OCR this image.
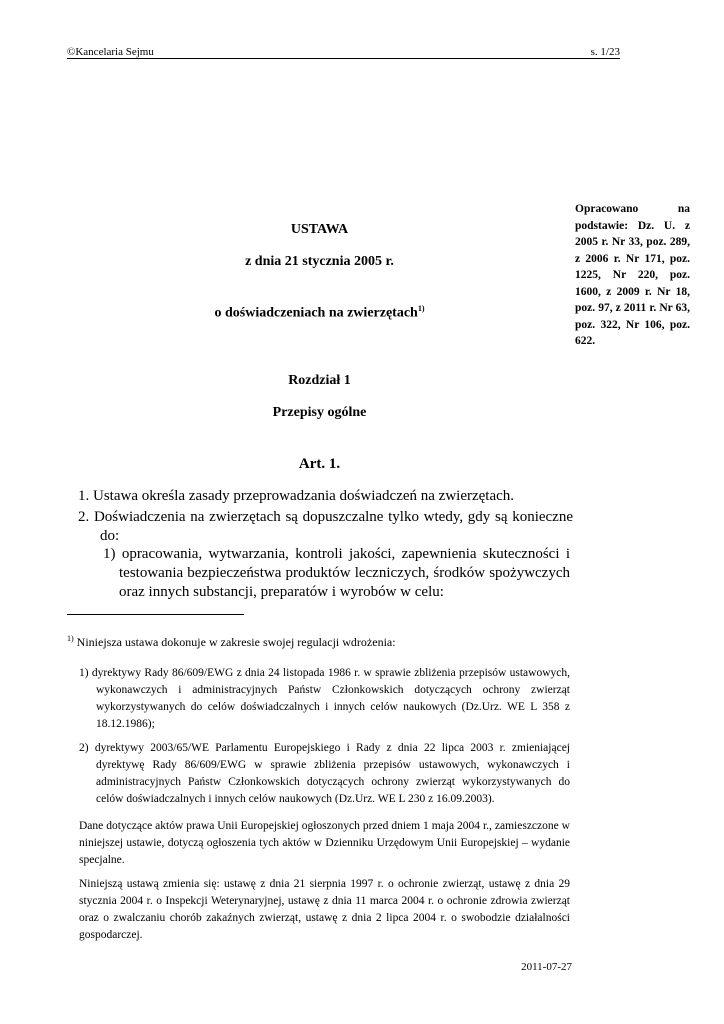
©Kancelaria Sejmu	s. 1/23
Opracowano na podstawie: Dz. U. z 2005 r. Nr 33, poz. 289, z 2006 r. Nr 171, poz. 1225, Nr 220, poz. 1600, z 2009 r. Nr 18, poz. 97, z 2011 r. Nr 63, poz. 322, Nr 106, poz. 622.
USTAWA
z dnia 21 stycznia 2005 r.
o doświadczeniach na zwierzętach$^{1)}$
Rozdział 1
Przepisy ogólne
Art. 1.
1. Ustawa określa zasady przeprowadzania doświadczeń na zwierzętach.
2. Doświadczenia na zwierzętach są dopuszczalne tylko wtedy, gdy są konieczne do:
1) opracowania, wytwarzania, kontroli jakości, zapewnienia skuteczności i testowania bezpieczeństwa produktów leczniczych, środków spożywczych oraz innych substancji, preparatów i wyrobów w celu:
$^{1)}$ Niniejsza ustawa dokonuje w zakresie swojej regulacji wdrożenia:
1) dyrektywy Rady 86/609/EWG z dnia 24 listopada 1986 r. w sprawie zbliżenia przepisów ustawowych, wykonawczych i administracyjnych Państw Członkowskich dotyczących ochrony zwierząt wykorzystywanych do celów doświadczalnych i innych celów naukowych (Dz.Urz. WE L 358 z 18.12.1986);
2) dyrektywy 2003/65/WE Parlamentu Europejskiego i Rady z dnia 22 lipca 2003 r. zmieniającej dyrektywę Rady 86/609/EWG w sprawie zbliżenia przepisów ustawowych, wykonawczych i administracyjnych Państw Członkowskich dotyczących ochrony zwierząt wykorzystywanych do celów doświadczalnych i innych celów naukowych (Dz.Urz. WE L 230 z 16.09.2003).
Dane dotyczące aktów prawa Unii Europejskiej ogłoszonych przed dniem 1 maja 2004 r., zamieszczone w niniejszej ustawie, dotyczą ogłoszenia tych aktów w Dzienniku Urzędowym Unii Europejskiej – wydanie specjalne.
Niniejszą ustawą zmienia się: ustawę z dnia 21 sierpnia 1997 r. o ochronie zwierząt, ustawę z dnia 29 stycznia 2004 r. o Inspekcji Weterynaryjnej, ustawę z dnia 11 marca 2004 r. o ochronie zdrowia zwierząt oraz o zwalczaniu chorób zakaźnych zwierząt, ustawę z dnia 2 lipca 2004 r. o swobodzie działalności gospodarczej.
2011-07-27
